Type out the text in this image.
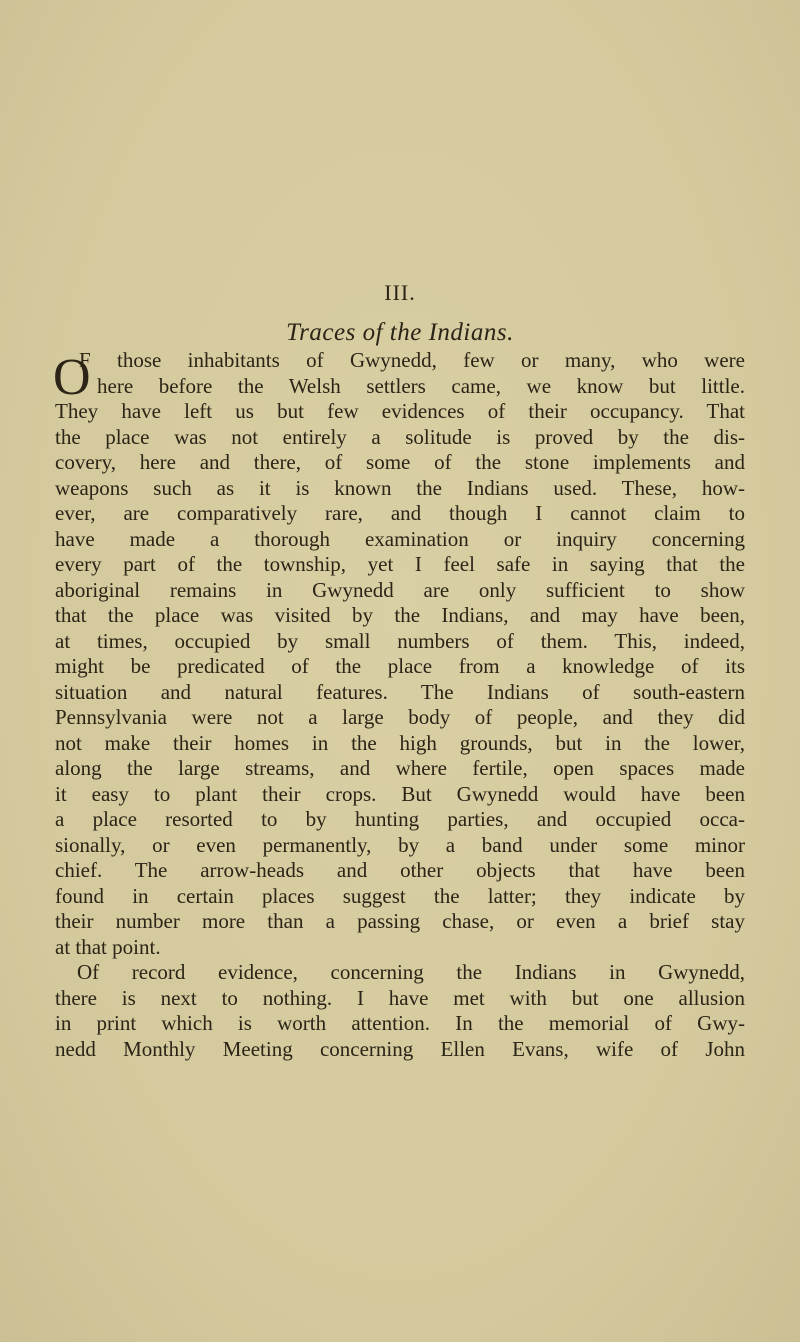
III.
Traces of the Indians.
O
F those inhabitants of Gwynedd, few or many, who were
here before the Welsh settlers came, we know but little.
They have left us but few evidences of their occupancy. That
the place was not entirely a solitude is proved by the dis-
covery, here and there, of some of the stone implements and
weapons such as it is known the Indians used. These, how-
ever, are comparatively rare, and though I cannot claim to
have made a thorough examination or inquiry concerning
every part of the township, yet I feel safe in saying that the
aboriginal remains in Gwynedd are only sufficient to show
that the place was visited by the Indians, and may have been,
at times, occupied by small numbers of them. This, indeed,
might be predicated of the place from a knowledge of its
situation and natural features. The Indians of south-eastern
Pennsylvania were not a large body of people, and they did
not make their homes in the high grounds, but in the lower,
along the large streams, and where fertile, open spaces made
it easy to plant their crops. But Gwynedd would have been
a place resorted to by hunting parties, and occupied occa-
sionally, or even permanently, by a band under some minor
chief. The arrow-heads and other objects that have been
found in certain places suggest the latter; they indicate by
their number more than a passing chase, or even a brief stay
at that point.
Of record evidence, concerning the Indians in Gwynedd,
there is next to nothing. I have met with but one allusion
in print which is worth attention. In the memorial of Gwy-
nedd Monthly Meeting concerning Ellen Evans, wife of John
